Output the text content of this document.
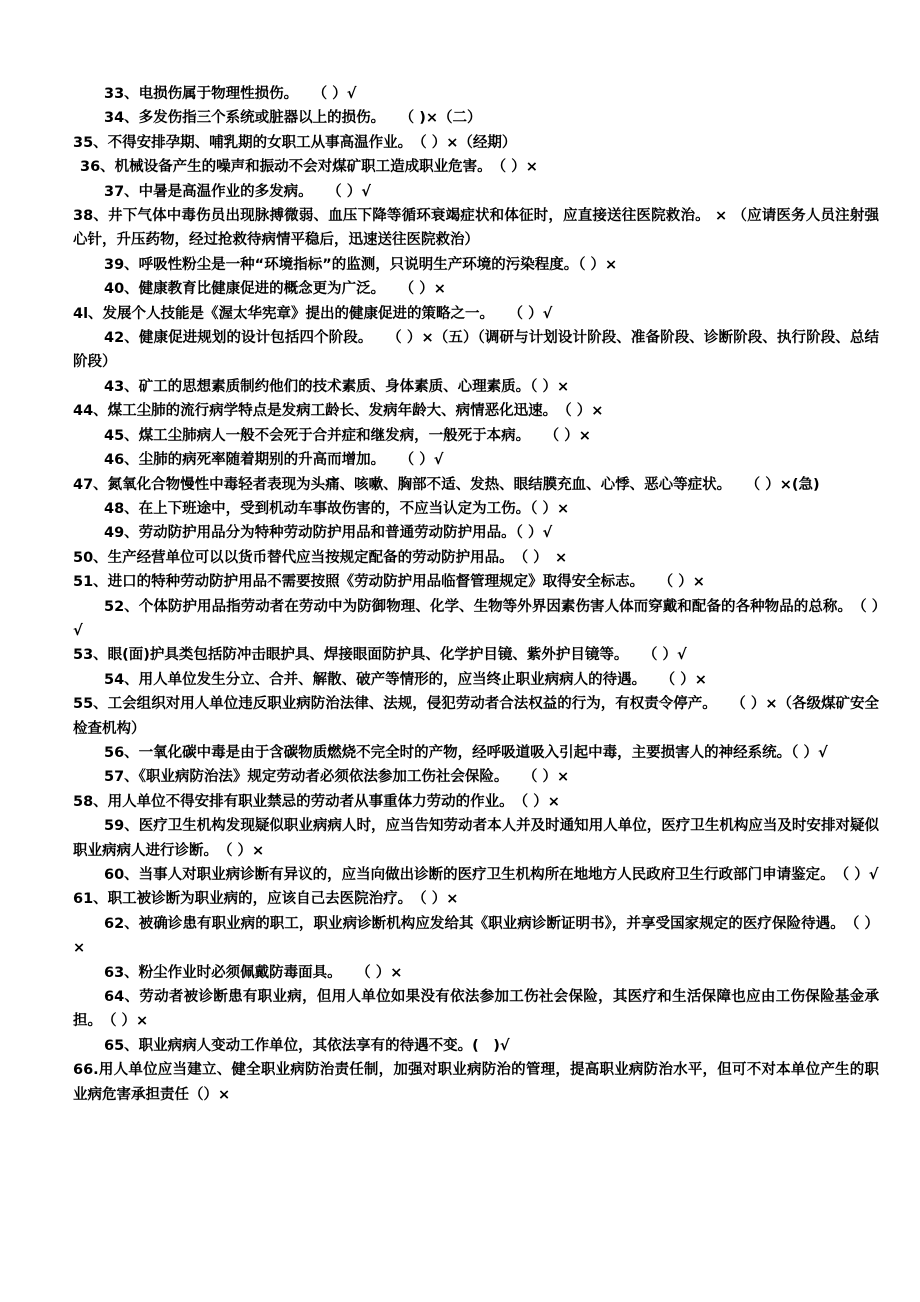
33、电损伤属于物理性损伤。　　（ ）√

34、多发伤指三个系统或脏器以上的损伤。　　（ )×（二）

35、不得安排孕期、哺乳期的女职工从事高温作业。　（ ）×（经期）

36、机械设备产生的噪声和振动不会对煤矿职工造成职业危害。　（ ）×

37、中暑是高温作业的多发病。　　（ ）√

38、井下气体中毒伤员出现脉搏微弱、血压下降等循环衰竭症状和体征时，应直接送往医院救治。 × （应请医务人员注射强心针，升压药物，经过抢救待病情平稳后，迅速送往医院救治）

39、呼吸性粉尘是一种“环境指标”的监测，只说明生产环境的污染程度。（ ）×

40、健康教育比健康促进的概念更为广泛。　　（ ）×

4l、发展个人技能是《渥太华宪章》提出的健康促进的策略之一。　　（ ）√

42、健康促进规划的设计包括四个阶段。　　（ ）×（五）（调研与计划设计阶段、准备阶段、诊断阶段、执行阶段、总结阶段）

43、矿工的思想素质制约他们的技术素质、身体素质、心理素质。（ ）×

44、煤工尘肺的流行病学特点是发病工龄长、发病年龄大、病情恶化迅速。　（ ）×

45、煤工尘肺病人一般不会死于合并症和继发病，一般死于本病。　　（ ）×

46、尘肺的病死率随着期别的升高而增加。　　（ ）√

47、氮氧化合物慢性中毒轻者表现为头痛、咳嗽、胸部不适、发热、眼结膜充血、心悸、恶心等症状。　　（ ）×(急)

48、在上下班途中，受到机动车事故伤害的，不应当认定为工伤。（ ）×

49、劳动防护用品分为特种劳动防护用品和普通劳动防护用品。（ ）√

50、生产经营单位可以以货币替代应当按规定配备的劳动防护用品。　（ ）　×

51、进口的特种劳动防护用品不需要按照《劳动防护用品临督管理规定》取得安全标志。　　（ ）×

52、个体防护用品指劳动者在劳动中为防御物理、化学、生物等外界因素伤害人体而穿戴和配备的各种物品的总称。　（ ）√

53、眼(面)护具类包括防冲击眼护具、焊接眼面防护具、化学护目镜、紫外护目镜等。　　（ ）√

54、用人单位发生分立、合并、解散、破产等情形的，应当终止职业病病人的待遇。　　（ ）×

55、工会组织对用人单位违反职业病防治法律、法规，侵犯劳动者合法权益的行为，有权责令停产。　　（ ）×（各级煤矿安全检查机构）

56、一氧化碳中毒是由于含碳物质燃烧不完全时的产物，经呼吸道吸入引起中毒，主要损害人的神经系统。（ ）√

57、《职业病防治法》规定劳动者必须依法参加工伤社会保险。　　（ ）×

58、用人单位不得安排有职业禁忌的劳动者从事重体力劳动的作业。　（ ）×

59、医疗卫生机构发现疑似职业病病人时，应当告知劳动者本人并及时通知用人单位，医疗卫生机构应当及时安排对疑似职业病病人进行诊断。　（ ）×

60、当事人对职业病诊断有异议的，应当向做出诊断的医疗卫生机构所在地地方人民政府卫生行政部门申请鉴定。　（ ）√

61、职工被诊断为职业病的，应该自己去医院治疗。　（ ）×

62、被确诊患有职业病的职工，职业病诊断机构应发给其《职业病诊断证明书》，并享受国家规定的医疗保险待遇。　（ ）×

63、粉尘作业时必须佩戴防毒面具。　　（ ）×

64、劳动者被诊断患有职业病，但用人单位如果没有依法参加工伤社会保险，其医疗和生活保障也应由工伤保险基金承担。　（ ）×

65、职业病病人变动工作单位，其依法享有的待遇不变。(　)√

66.用人单位应当建立、健全职业病防治责任制，加强对职业病防治的管理，提高职业病防治水平，但可不对本单位产生的职业病危害承担责任（）×
